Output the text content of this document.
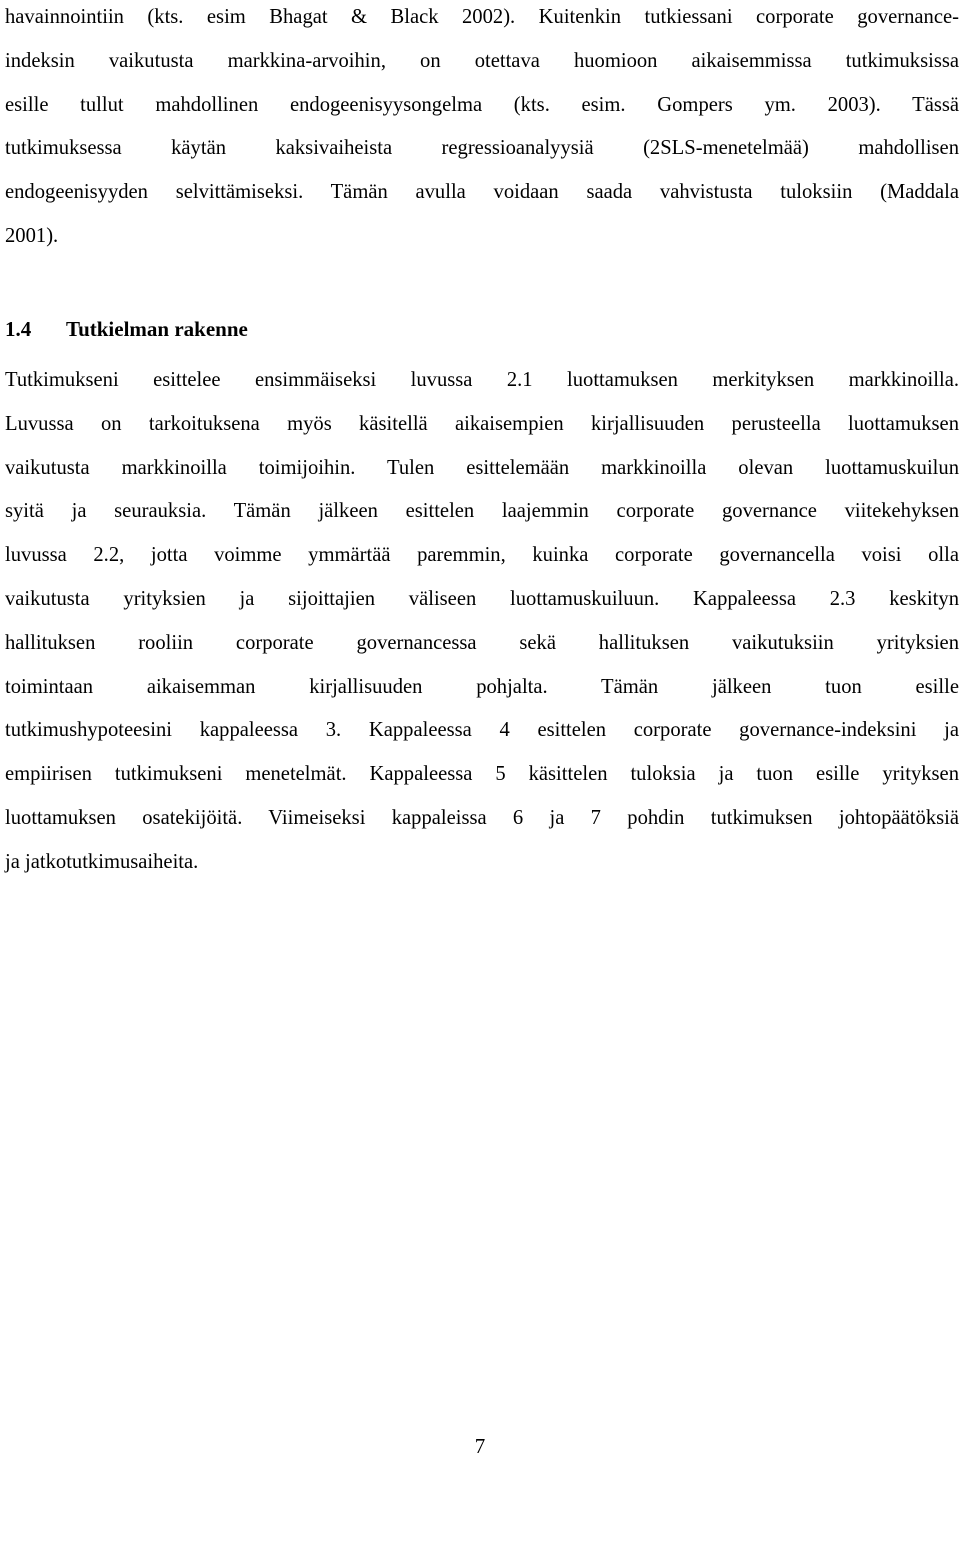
havainnointiin (kts. esim Bhagat & Black 2002). Kuitenkin tutkiessani corporate governance-
indeksin vaikutusta markkina-arvoihin, on otettava huomioon aikaisemmissa tutkimuksissa
esille tullut mahdollinen endogeenisyysongelma (kts. esim. Gompers ym. 2003). Tässä
tutkimuksessa käytän kaksivaiheista regressioanalyysiä (2SLS-menetelmää) mahdollisen
endogeenisyyden selvittämiseksi. Tämän avulla voidaan saada vahvistusta tuloksiin (Maddala
2001).

1.4 Tutkielman rakenne

Tutkimukseni esittelee ensimmäiseksi luvussa 2.1 luottamuksen merkityksen markkinoilla.
Luvussa on tarkoituksena myös käsitellä aikaisempien kirjallisuuden perusteella luottamuksen
vaikutusta markkinoilla toimijoihin. Tulen esittelemään markkinoilla olevan luottamuskuilun
syitä ja seurauksia. Tämän jälkeen esittelen laajemmin corporate governance viitekehyksen
luvussa 2.2, jotta voimme ymmärtää paremmin, kuinka corporate governancella voisi olla
vaikutusta yrityksien ja sijoittajien väliseen luottamuskuiluun. Kappaleessa 2.3 keskityn
hallituksen rooliin corporate governancessa sekä hallituksen vaikutuksiin yrityksien
toimintaan aikaisemman kirjallisuuden pohjalta. Tämän jälkeen tuon esille
tutkimushypoteesini kappaleessa 3. Kappaleessa 4 esittelen corporate governance-indeksini ja
empiirisen tutkimukseni menetelmät. Kappaleessa 5 käsittelen tuloksia ja tuon esille yrityksen
luottamuksen osatekijöitä. Viimeiseksi kappaleissa 6 ja 7 pohdin tutkimuksen johtopäätöksiä
ja jatkotutkimusaiheita.

7
